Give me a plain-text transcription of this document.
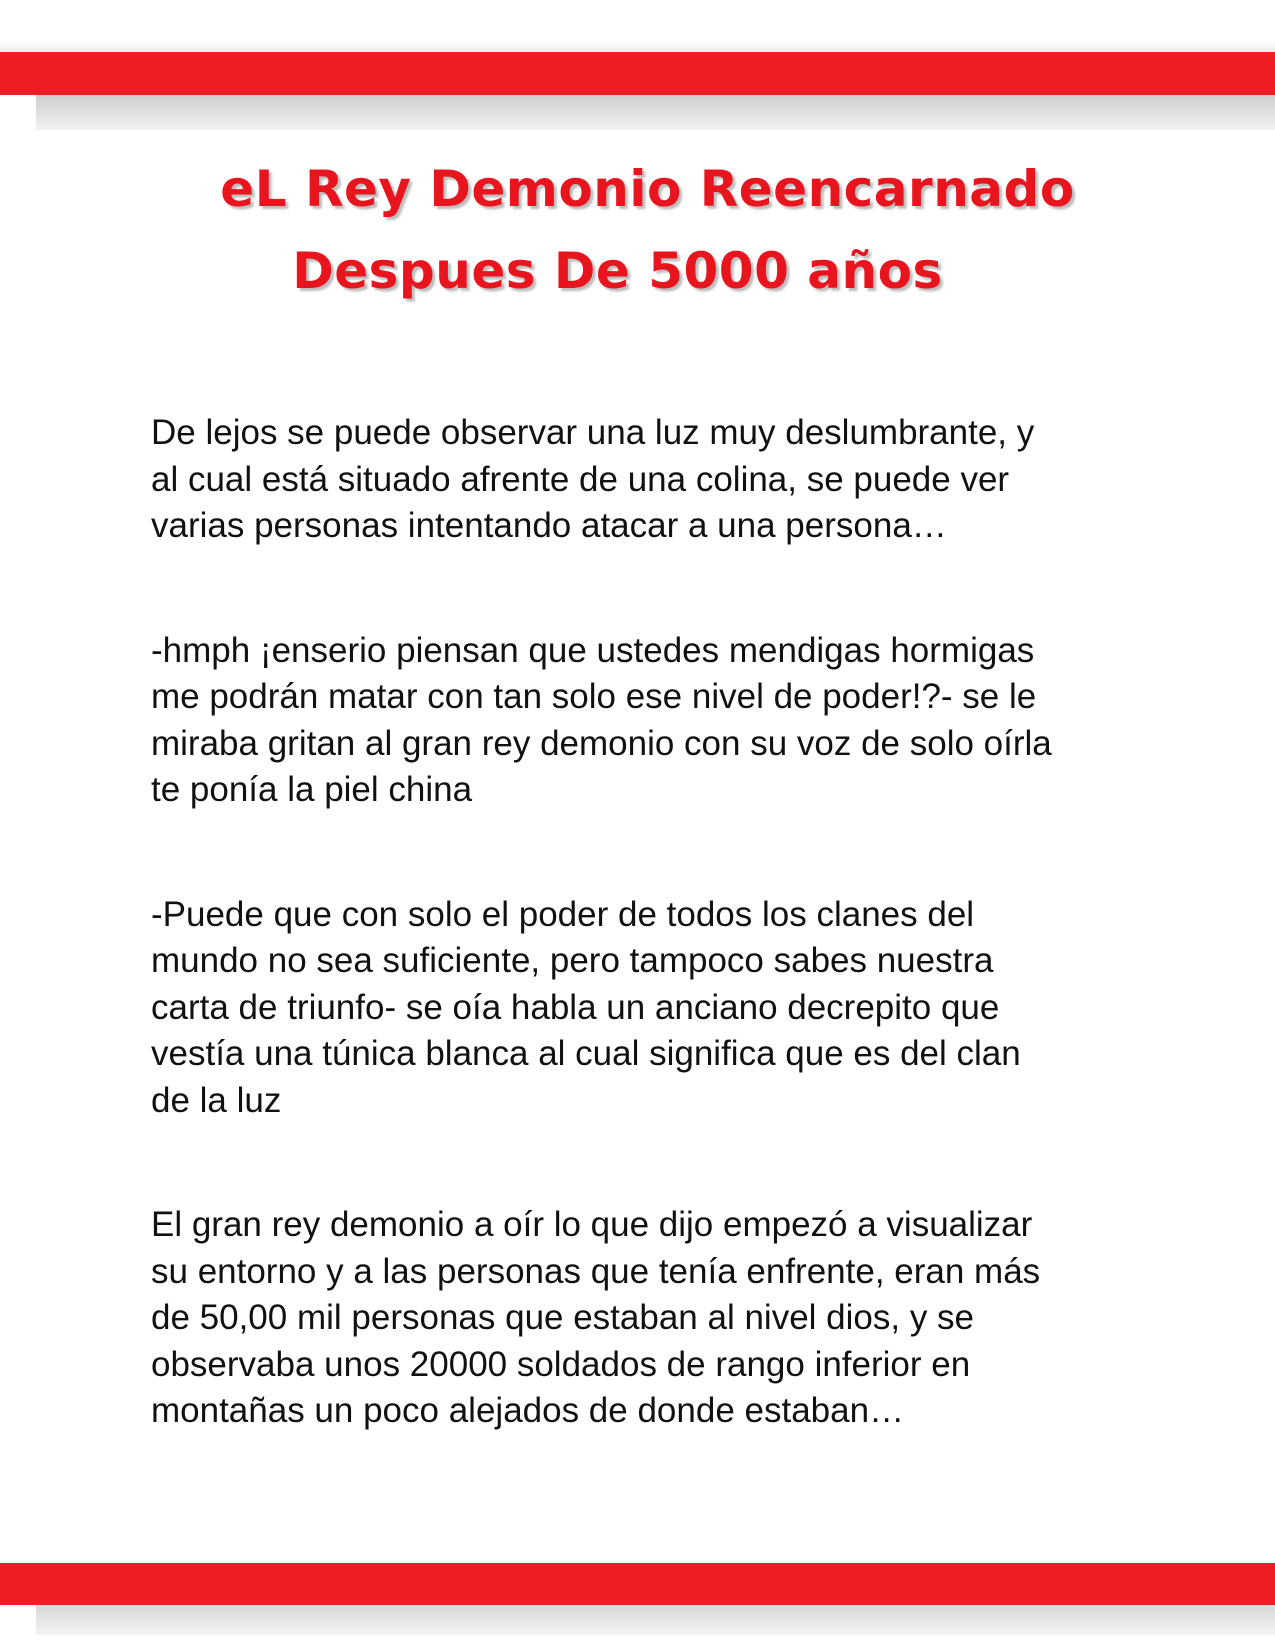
eL Rey Demonio Reencarnado
Despues De 5000 años

De lejos se puede observar una luz muy deslumbrante, y
al cual está situado afrente de una colina, se puede ver
varias personas intentando atacar a una persona…

-hmph ¡enserio piensan que ustedes mendigas hormigas
me podrán matar con tan solo ese nivel de poder!?- se le
miraba gritan al gran rey demonio con su voz de solo oírla
te ponía la piel china

-Puede que con solo el poder de todos los clanes del
mundo no sea suficiente, pero tampoco sabes nuestra
carta de triunfo- se oía habla un anciano decrepito que
vestía una túnica blanca al cual significa que es del clan
de la luz

El gran rey demonio a oír lo que dijo empezó a visualizar
su entorno y a las personas que tenía enfrente, eran más
de 50,00 mil personas que estaban al nivel dios, y se
observaba unos 20000 soldados de rango inferior en
montañas un poco alejados de donde estaban…
